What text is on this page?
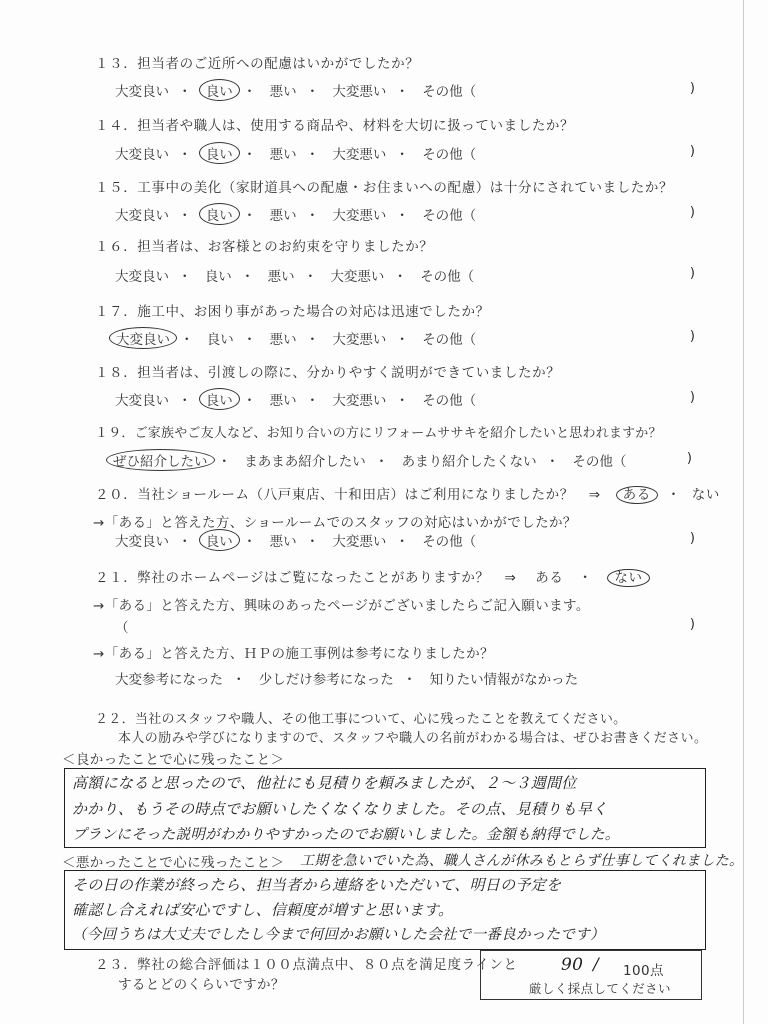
１３．担当者のご近所への配慮はいかがでしたか？
大変良い ・ 良い ・ 悪い ・ 大変悪い ・ その他（	)
１４．担当者や職人は、使用する商品や、材料を大切に扱っていましたか？
大変良い ・ 良い ・ 悪い ・ 大変悪い ・ その他（	)
１５．工事中の美化（家財道具への配慮・お住まいへの配慮）は十分にされていましたか？
大変良い ・ 良い ・ 悪い ・ 大変悪い ・ その他（	)
１６．担当者は、お客様とのお約束を守りましたか？
大変良い ・ 良い ・ 悪い ・ 大変悪い ・ その他（	)
１７．施工中、お困り事があった場合の対応は迅速でしたか？
大変良い ・ 良い ・ 悪い ・ 大変悪い ・ その他（	)
１８．担当者は、引渡しの際に、分かりやすく説明ができていましたか？
大変良い ・ 良い ・ 悪い ・ 大変悪い ・ その他（	)
１９．ご家族やご友人など、お知り合いの方にリフォームササキを紹介したいと思われますか？
ぜひ紹介したい ・ まあまあ紹介したい ・ あまり紹介したくない ・ その他（	)
２０．当社ショールーム（八戸東店、十和田店）はご利用になりましたか？ ⇒ ある ・ ない
→「ある」と答えた方、ショールームでのスタッフの対応はいかがでしたか？
大変良い ・ 良い ・ 悪い ・ 大変悪い ・ その他（	)
２１．弊社のホームページはご覧になったことがありますか？ ⇒ ある ・ ない
→「ある」と答えた方、興味のあったページがございましたらご記入願います。
（	)
→「ある」と答えた方、ＨＰの施工事例は参考になりましたか？
大変参考になった ・ 少しだけ参考になった ・ 知りたい情報がなかった
２２．当社のスタッフや職人、その他工事について、心に残ったことを教えてください。
本人の励みや学びになりますので、スタッフや職人の名前がわかる場合は、ぜひお書きください。
＜良かったことで心に残ったこと＞
高額になると思ったので、他社にも見積りを頼みましたが、２〜３週間位
かかり、もうその時点でお願いしたくなくなりました。その点、見積りも早く
プランにそった説明がわかりやすかったのでお願いしました。金額も納得でした。
＜悪かったことで心に残ったこと＞ 工期を急いでいた為、職人さんが休みもとらず仕事してくれました。
その日の作業が終ったら、担当者から連絡をいただいて、明日の予定を
確認し合えれば安心ですし、信頼度が増すと思います。
（今回うちは大丈夫でしたし今まで何回かお願いした会社で一番良かったです）
２３．弊社の総合評価は１００点満点中、８０点を満足度ラインと
するとどのくらいですか？
90 / 100点
厳しく採点してください
